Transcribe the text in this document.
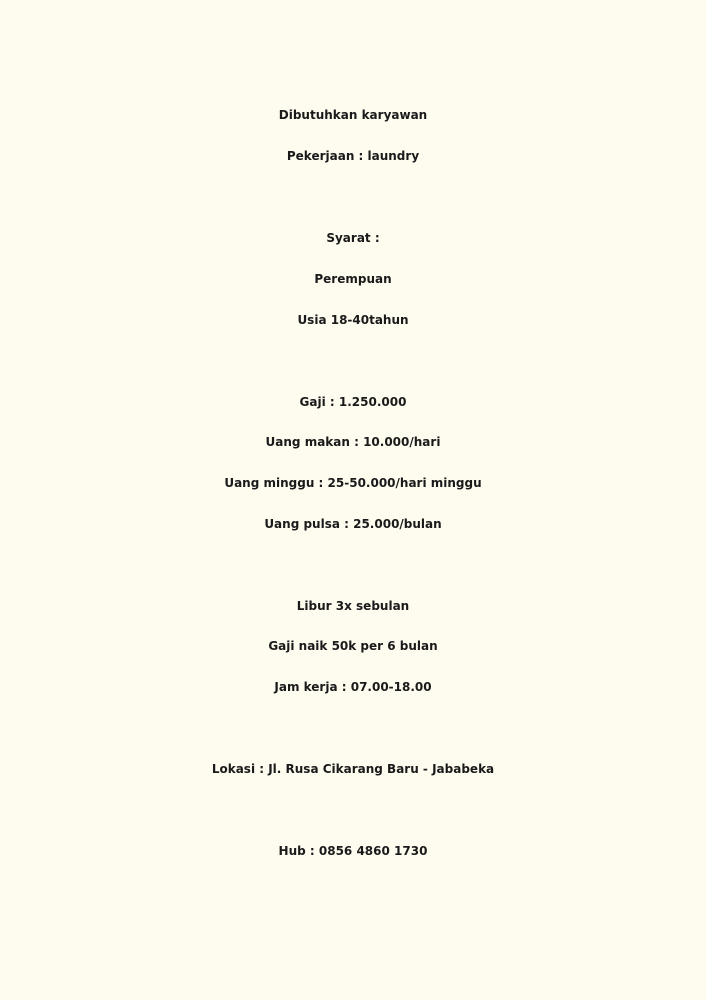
Dibutuhkan karyawan
Pekerjaan : laundry
Syarat :
Perempuan
Usia 18-40tahun
Gaji : 1.250.000
Uang makan : 10.000/hari
Uang minggu : 25-50.000/hari minggu
Uang pulsa : 25.000/bulan
Libur 3x sebulan
Gaji naik 50k per 6 bulan
Jam kerja : 07.00-18.00
Lokasi : Jl. Rusa Cikarang Baru - Jababeka
Hub : 0856 4860 1730
